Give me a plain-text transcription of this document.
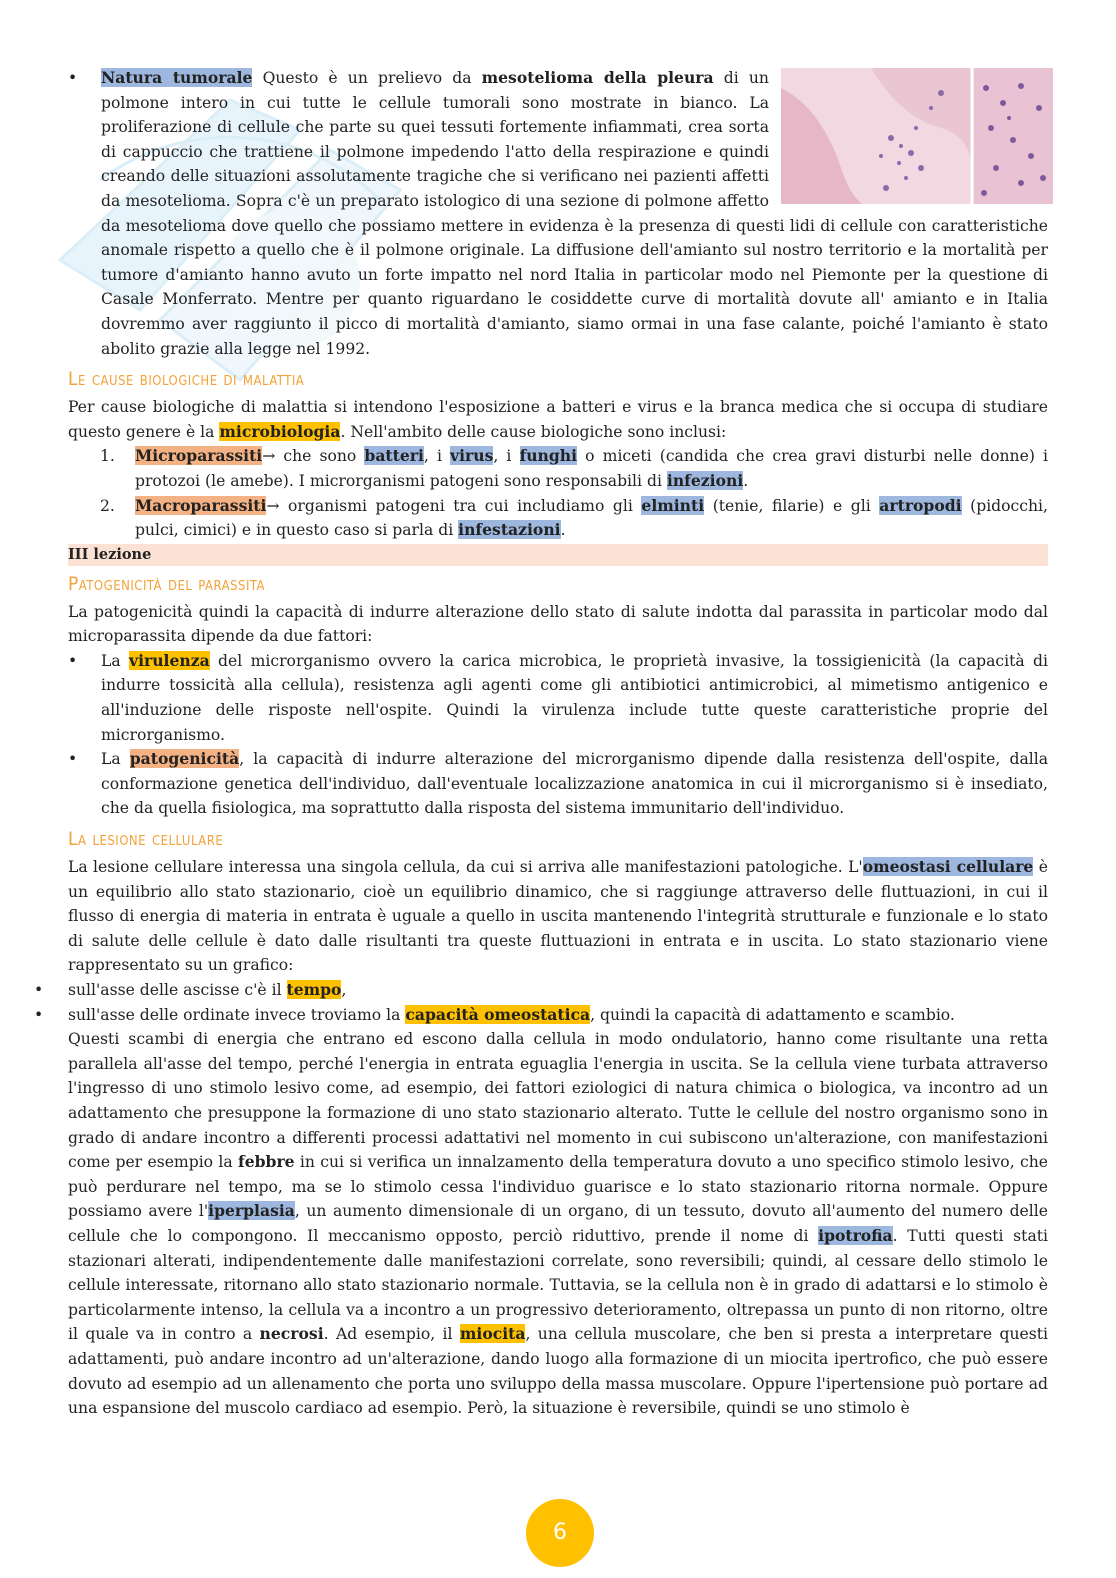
• Natura tumorale Questo è un prelievo da mesotelioma della pleura di un polmone intero in cui tutte le cellule tumorali sono mostrate in bianco. La proliferazione di cellule che parte su quei tessuti fortemente infiammati, crea sorta di cappuccio che trattiene il polmone impedendo l'atto della respirazione e quindi creando delle situazioni assolutamente tragiche che si verificano nei pazienti affetti da mesotelioma. Sopra c'è un preparato istologico di una sezione di polmone affetto da mesotelioma dove quello che possiamo mettere in evidenza è la presenza di questi lidi di cellule con caratteristiche anomale rispetto a quello che è il polmone originale. La diffusione dell'amianto sul nostro territorio e la mortalità per tumore d'amianto hanno avuto un forte impatto nel nord Italia in particolar modo nel Piemonte per la questione di Casale Monferrato. Mentre per quanto riguardano le cosiddette curve di mortalità dovute all' amianto e in Italia dovremmo aver raggiunto il picco di mortalità d'amianto, siamo ormai in una fase calante, poiché l'amianto è stato abolito grazie alla legge nel 1992.

Le cause biologiche di malattia

Per cause biologiche di malattia si intendono l'esposizione a batteri e virus e la branca medica che si occupa di studiare questo genere è la microbiologia. Nell'ambito delle cause biologiche sono inclusi:

1. Microparassiti→ che sono batteri, i virus, i funghi o miceti (candida che crea gravi disturbi nelle donne) i protozoi (le amebe). I microrganismi patogeni sono responsabili di infezioni.

2. Macroparassiti→ organismi patogeni tra cui includiamo gli elminti (tenie, filarie) e gli artropodi (pidocchi, pulci, cimici) e in questo caso si parla di infestazioni.

III lezione
Patogenicità del parassita

La patogenicità quindi la capacità di indurre alterazione dello stato di salute indotta dal parassita in particolar modo dal microparassita dipende da due fattori:

• La virulenza del microrganismo ovvero la carica microbica, le proprietà invasive, la tossigienicità (la capacità di indurre tossicità alla cellula), resistenza agli agenti come gli antibiotici antimicrobici, al mimetismo antigenico e all'induzione delle risposte nell'ospite. Quindi la virulenza include tutte queste caratteristiche proprie del microrganismo.

• La patogenicità, la capacità di indurre alterazione del microrganismo dipende dalla resistenza dell'ospite, dalla conformazione genetica dell'individuo, dall'eventuale localizzazione anatomica in cui il microrganismo si è insediato, che da quella fisiologica, ma soprattutto dalla risposta del sistema immunitario dell'individuo.

La lesione cellulare

La lesione cellulare interessa una singola cellula, da cui si arriva alle manifestazioni patologiche. L'omeostasi cellulare è un equilibrio allo stato stazionario, cioè un equilibrio dinamico, che si raggiunge attraverso delle fluttuazioni, in cui il flusso di energia di materia in entrata è uguale a quello in uscita mantenendo l'integrità strutturale e funzionale e lo stato di salute delle cellule è dato dalle risultanti tra queste fluttuazioni in entrata e in uscita. Lo stato stazionario viene rappresentato su un grafico:

• sull'asse delle ascisse c'è il tempo,

• sull'asse delle ordinate invece troviamo la capacità omeostatica, quindi la capacità di adattamento e scambio.

Questi scambi di energia che entrano ed escono dalla cellula in modo ondulatorio, hanno come risultante una retta parallela all'asse del tempo, perché l'energia in entrata eguaglia l'energia in uscita. Se la cellula viene turbata attraverso l'ingresso di uno stimolo lesivo come, ad esempio, dei fattori eziologici di natura chimica o biologica, va incontro ad un adattamento che presuppone la formazione di uno stato stazionario alterato. Tutte le cellule del nostro organismo sono in grado di andare incontro a differenti processi adattativi nel momento in cui subiscono un'alterazione, con manifestazioni come per esempio la febbre in cui si verifica un innalzamento della temperatura dovuto a uno specifico stimolo lesivo, che può perdurare nel tempo, ma se lo stimolo cessa l'individuo guarisce e lo stato stazionario ritorna normale. Oppure possiamo avere l'iperplasia, un aumento dimensionale di un organo, di un tessuto, dovuto all'aumento del numero delle cellule che lo compongono. Il meccanismo opposto, perciò riduttivo, prende il nome di ipotrofia. Tutti questi stati stazionari alterati, indipendentemente dalle manifestazioni correlate, sono reversibili; quindi, al cessare dello stimolo le cellule interessate, ritornano allo stato stazionario normale. Tuttavia, se la cellula non è in grado di adattarsi e lo stimolo è particolarmente intenso, la cellula va a incontro a un progressivo deterioramento, oltrepassa un punto di non ritorno, oltre il quale va in contro a necrosi. Ad esempio, il miocita, una cellula muscolare, che ben si presta a interpretare questi adattamenti, può andare incontro ad un'alterazione, dando luogo alla formazione di un miocita ipertrofico, che può essere dovuto ad esempio ad un allenamento che porta uno sviluppo della massa muscolare. Oppure l'ipertensione può portare ad una espansione del muscolo cardiaco ad esempio. Però, la situazione è reversibile, quindi se uno stimolo è

6
